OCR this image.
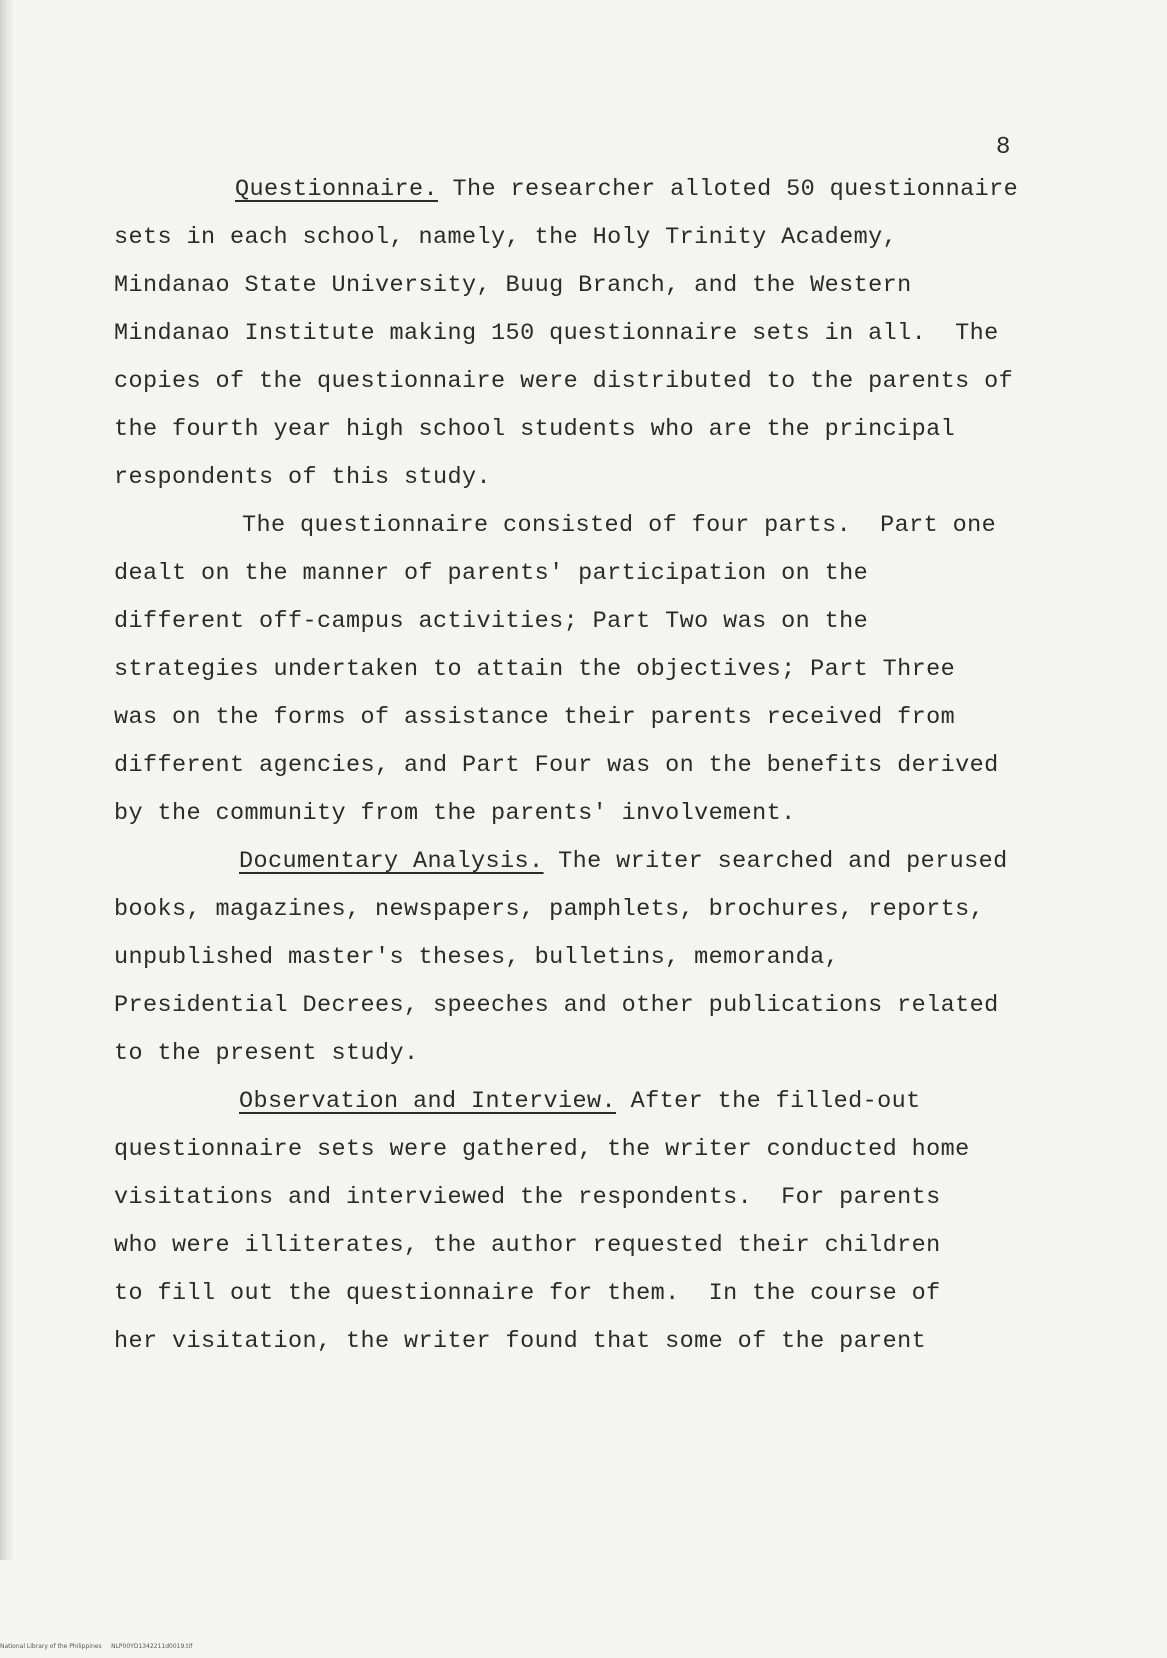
8
Questionnaire. The researcher alloted 50 questionnaire
sets in each school, namely, the Holy Trinity Academy,
Mindanao State University, Buug Branch, and the Western
Mindanao Institute making 150 questionnaire sets in all.  The
copies of the questionnaire were distributed to the parents of
the fourth year high school students who are the principal
respondents of this study.
The questionnaire consisted of four parts.  Part one
dealt on the manner of parents' participation on the
different off-campus activities; Part Two was on the
strategies undertaken to attain the objectives; Part Three
was on the forms of assistance their parents received from
different agencies, and Part Four was on the benefits derived
by the community from the parents' involvement.
Documentary Analysis. The writer searched and perused
books, magazines, newspapers, pamphlets, brochures, reports,
unpublished master's theses, bulletins, memoranda,
Presidential Decrees, speeches and other publications related
to the present study.
Observation and Interview. After the filled-out
questionnaire sets were gathered, the writer conducted home
visitations and interviewed the respondents.  For parents
who were illiterates, the author requested their children
to fill out the questionnaire for them.  In the course of
her visitation, the writer found that some of the parent
National Library of the Philippines     NLP00YD1342211d0019.tif
